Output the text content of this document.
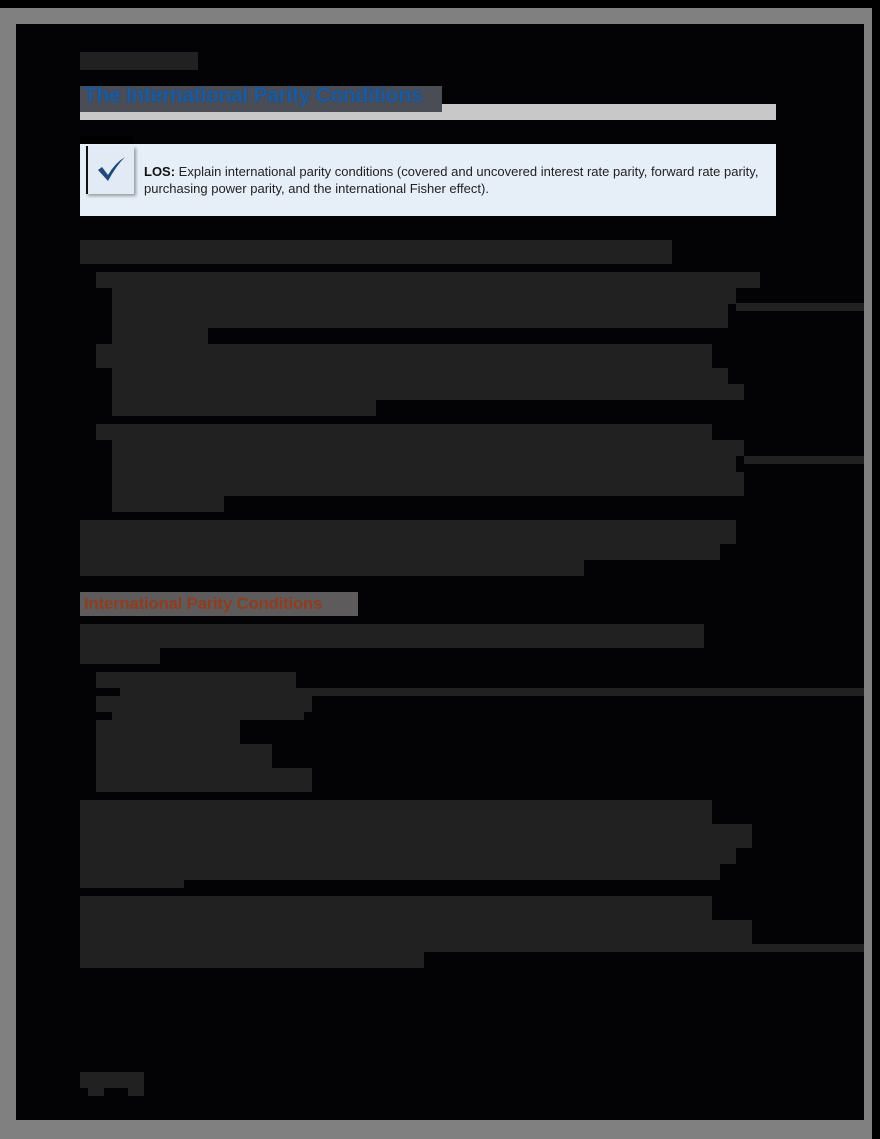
The International Parity Conditions
LOS: Explain international parity conditions (covered and uncovered interest rate parity, forward rate parity, purchasing power parity, and the international Fisher effect).
International Parity Conditions
